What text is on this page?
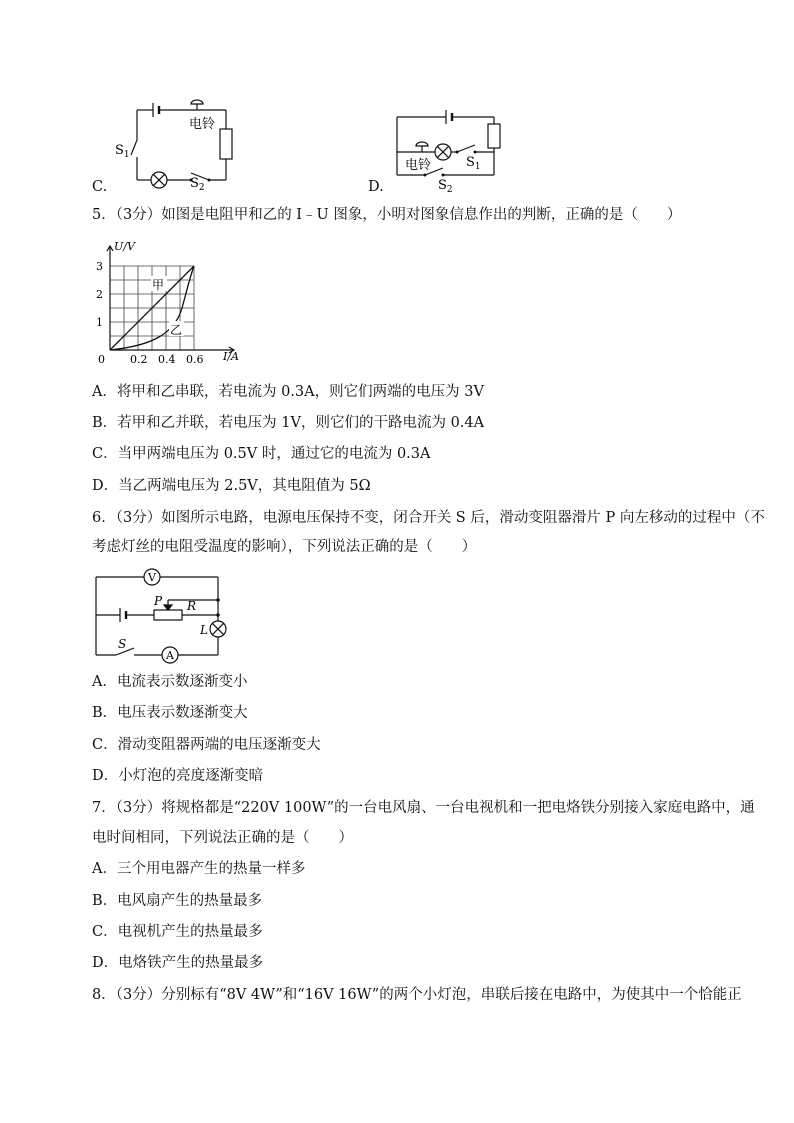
电铃
$S_1$
$S_2$
C.
电铃	$S_1$
$S_2$
D.
5．（3分）如图是电阻甲和乙的 I﹣U 图象，小明对图象信息作出的判断，正确的是（　　）
U/V
I/A
1
2
3
0 0.2 0.4 0.6
甲
乙
A．将甲和乙串联，若电流为 0.3A，则它们两端的电压为 3V
B．若甲和乙并联，若电压为 1V，则它们的干路电流为 0.4A
C．当甲两端电压为 0.5V 时，通过它的电流为 0.3A
D．当乙两端电压为 2.5V，其电阻值为 5Ω
6．（3分）如图所示电路，电源电压保持不变，闭合开关 S 后，滑动变阻器滑片 P 向左移动的过程中（不
考虑灯丝的电阻受温度的影响），下列说法正确的是（　　）
V
A
P R
L
S
A．电流表示数逐渐变小
B．电压表示数逐渐变大
C．滑动变阻器两端的电压逐渐变大
D．小灯泡的亮度逐渐变暗
7．（3分）将规格都是“220V 100W”的一台电风扇、一台电视机和一把电烙铁分别接入家庭电路中，通
电时间相同，下列说法正确的是（　　）
A．三个用电器产生的热量一样多
B．电风扇产生的热量最多
C．电视机产生的热量最多
D．电烙铁产生的热量最多
8．（3分）分别标有“8V 4W”和“16V 16W”的两个小灯泡，串联后接在电路中，为使其中一个恰能正
